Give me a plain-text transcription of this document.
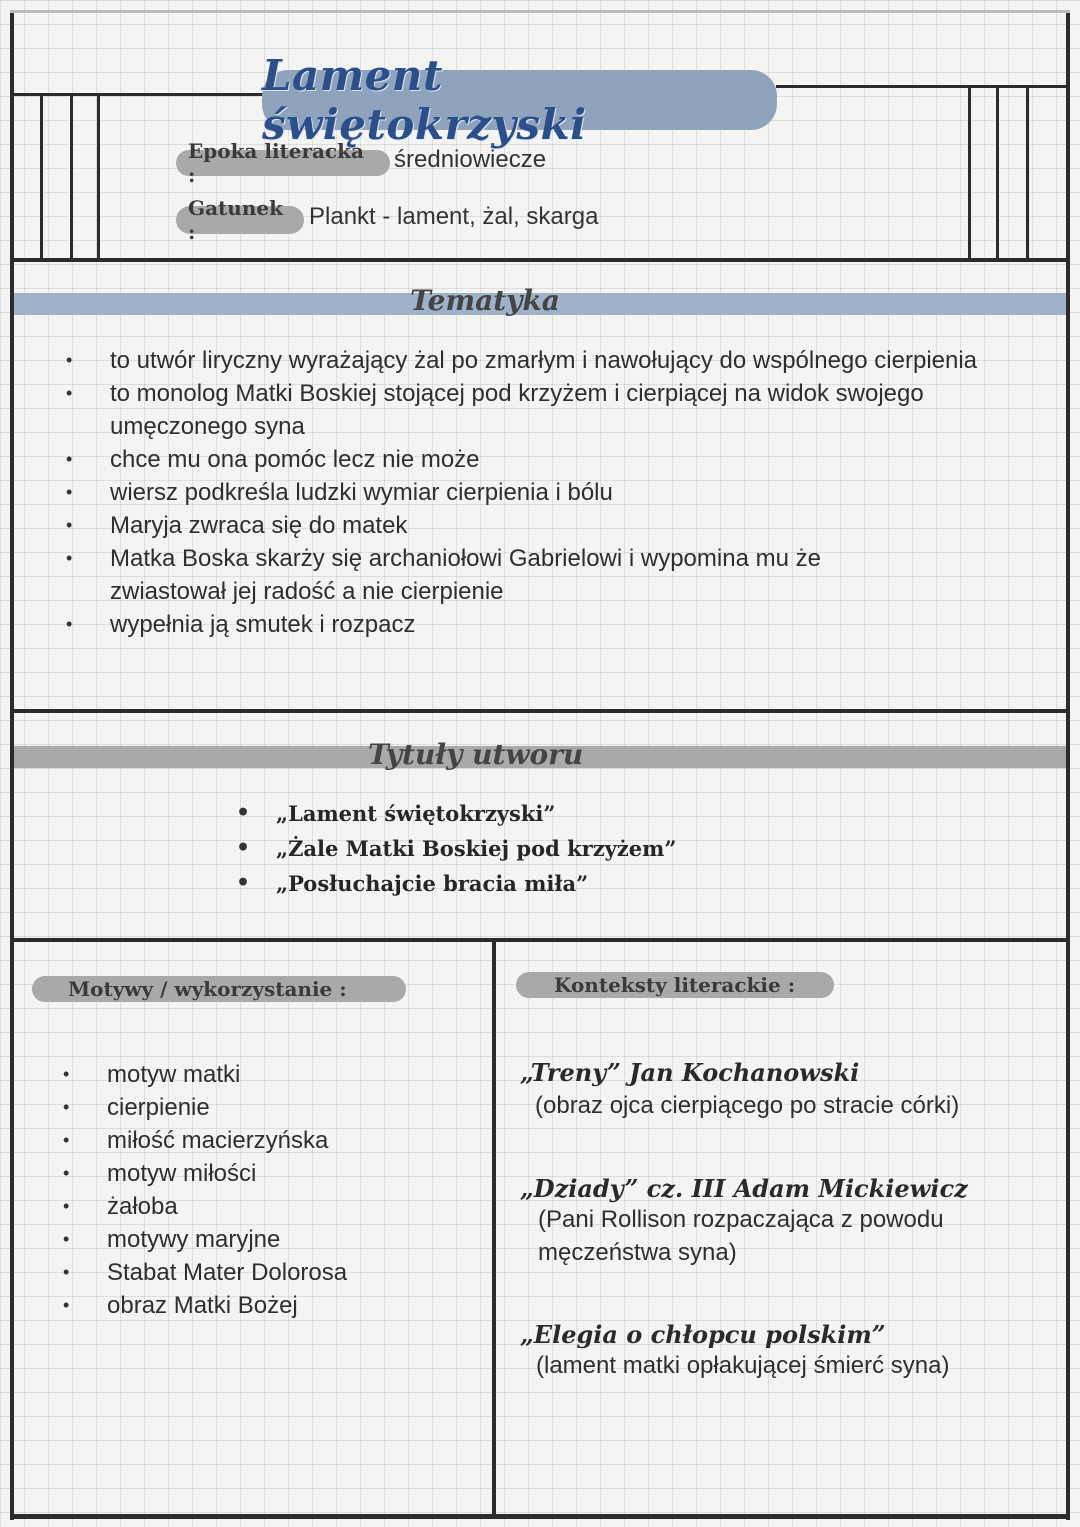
Lament świętokrzyski
Epoka literacka :
średniowiecze
Gatunek :
Plankt - lament, żal, skarga
Tematyka
• to utwór liryczny wyrażający żal po zmarłym i nawołujący do wspólnego cierpienia
• to monolog Matki Boskiej stojącej pod krzyżem i cierpiącej na widok swojego umęczonego syna
• chce mu ona pomóc lecz nie może
• wiersz podkreśla ludzki wymiar cierpienia i bólu
• Maryja zwraca się do matek
• Matka Boska skarży się archaniołowi Gabrielowi i wypomina mu że zwiastował jej radość a nie cierpienie
• wypełnia ją smutek i rozpacz
Tytuły utworu
• „Lament świętokrzyski”
• „Żale Matki Boskiej pod krzyżem”
• „Posłuchajcie bracia miła”
Motywy / wykorzystanie :
• motyw matki
• cierpienie
• miłość macierzyńska
• motyw miłości
• żałoba
• motywy maryjne
• Stabat Mater Dolorosa
• obraz Matki Bożej
Konteksty literackie :
„Treny” Jan Kochanowski
(obraz ojca cierpiącego po stracie córki)
„Dziady” cz. III Adam Mickiewicz
(Pani Rollison rozpaczająca z powodu męczeństwa syna)
„Elegia o chłopcu polskim”
(lament matki opłakującej śmierć syna)
